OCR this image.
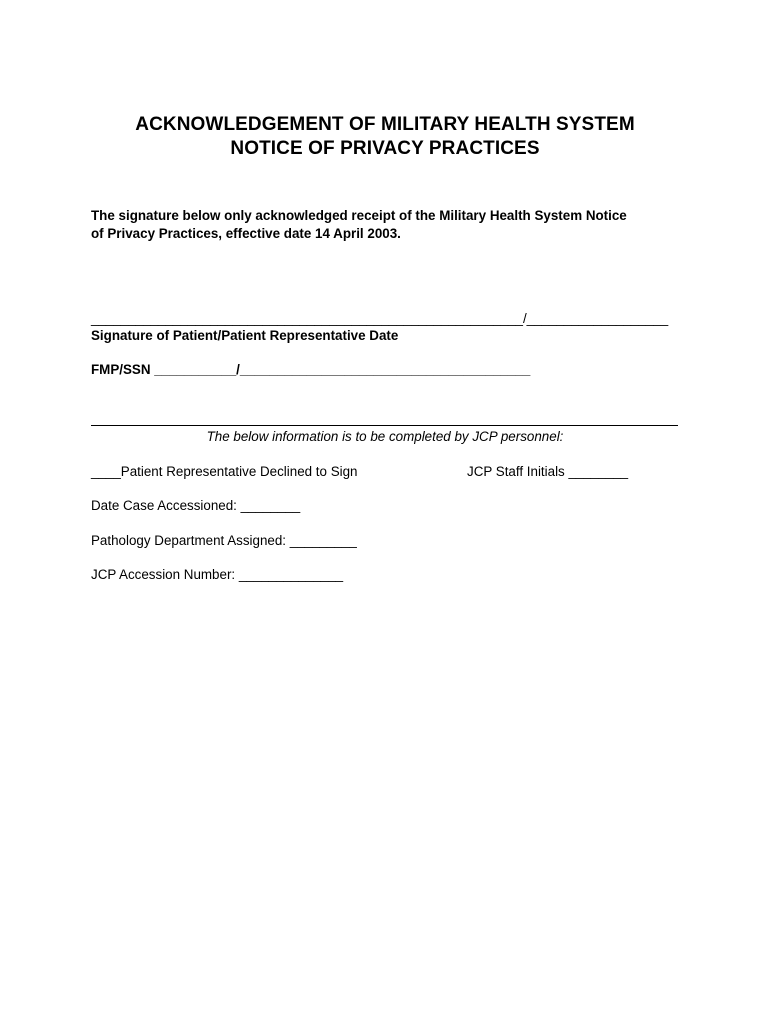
ACKNOWLEDGEMENT OF MILITARY HEALTH SYSTEM
NOTICE OF PRIVACY PRACTICES
The signature below only acknowledged receipt of the Military Health System Notice
of Privacy Practices, effective date 14 April 2003.
__________________________________________________________/___________________
Signature of Patient/Patient Representative Date
FMP/SSN ___________/_______________________________________
The below information is to be completed by JCP personnel:
____Patient Representative Declined to Sign	JCP Staff Initials ________
Date Case Accessioned: ________
Pathology Department Assigned: _________
JCP Accession Number: ______________
